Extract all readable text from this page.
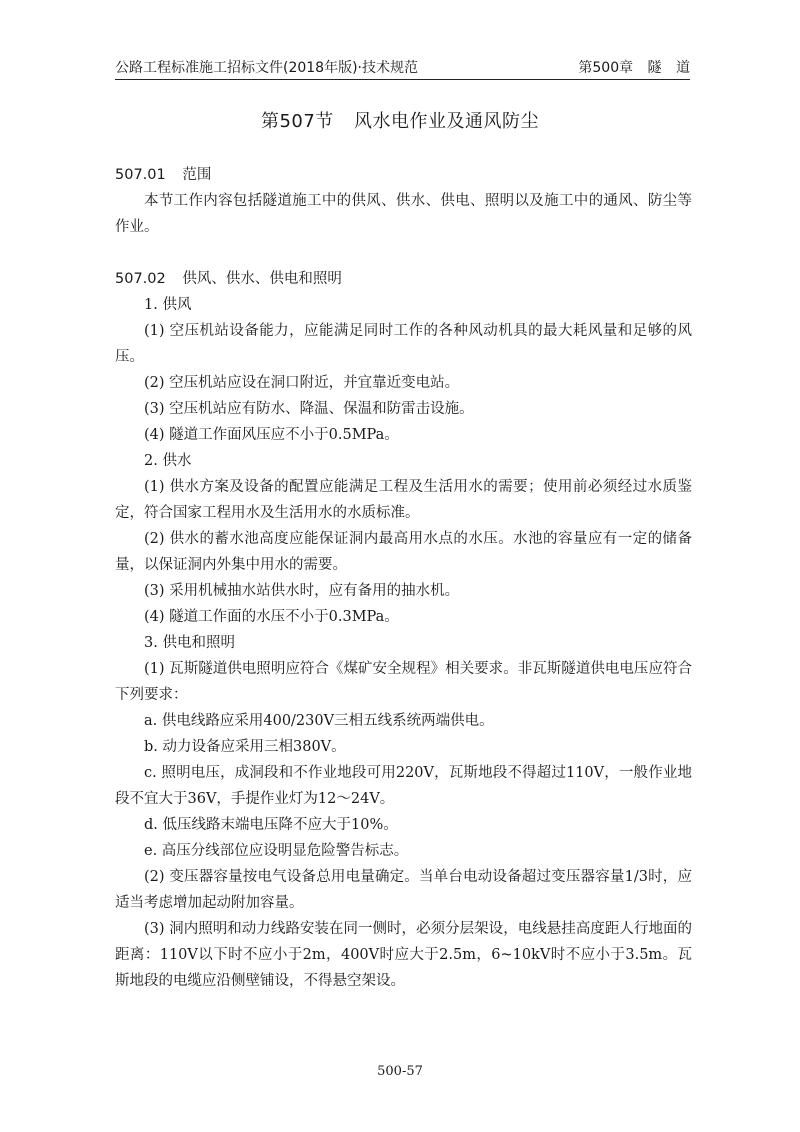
公路工程标准施工招标文件(2018年版)·技术规范	第500章 隧 道
第507节 风水电作业及通风防尘

507.01 范围

本节工作内容包括隧道施工中的供风、供水、供电、照明以及施工中的通风、防尘等作业。

507.02 供风、供水、供电和照明

1. 供风

(1) 空压机站设备能力，应能满足同时工作的各种风动机具的最大耗风量和足够的风压。

(2) 空压机站应设在洞口附近，并宜靠近变电站。

(3) 空压机站应有防水、降温、保温和防雷击设施。

(4) 隧道工作面风压应不小于0.5MPa。

2. 供水

(1) 供水方案及设备的配置应能满足工程及生活用水的需要；使用前必须经过水质鉴定，符合国家工程用水及生活用水的水质标准。

(2) 供水的蓄水池高度应能保证洞内最高用水点的水压。水池的容量应有一定的储备量，以保证洞内外集中用水的需要。

(3) 采用机械抽水站供水时，应有备用的抽水机。

(4) 隧道工作面的水压不小于0.3MPa。

3. 供电和照明

(1) 瓦斯隧道供电照明应符合《煤矿安全规程》相关要求。非瓦斯隧道供电电压应符合下列要求：

a. 供电线路应采用400/230V三相五线系统两端供电。

b. 动力设备应采用三相380V。

c. 照明电压，成洞段和不作业地段可用220V，瓦斯地段不得超过110V，一般作业地段不宜大于36V，手提作业灯为12～24V。

d. 低压线路末端电压降不应大于10%。

e. 高压分线部位应设明显危险警告标志。

(2) 变压器容量按电气设备总用电量确定。当单台电动设备超过变压器容量1/3时，应适当考虑增加起动附加容量。

(3) 洞内照明和动力线路安装在同一侧时，必须分层架设，电线悬挂高度距人行地面的距离：110V以下时不应小于2m，400V时应大于2.5m，6~10kV时不应小于3.5m。瓦斯地段的电缆应沿侧壁铺设，不得悬空架设。

500-57
